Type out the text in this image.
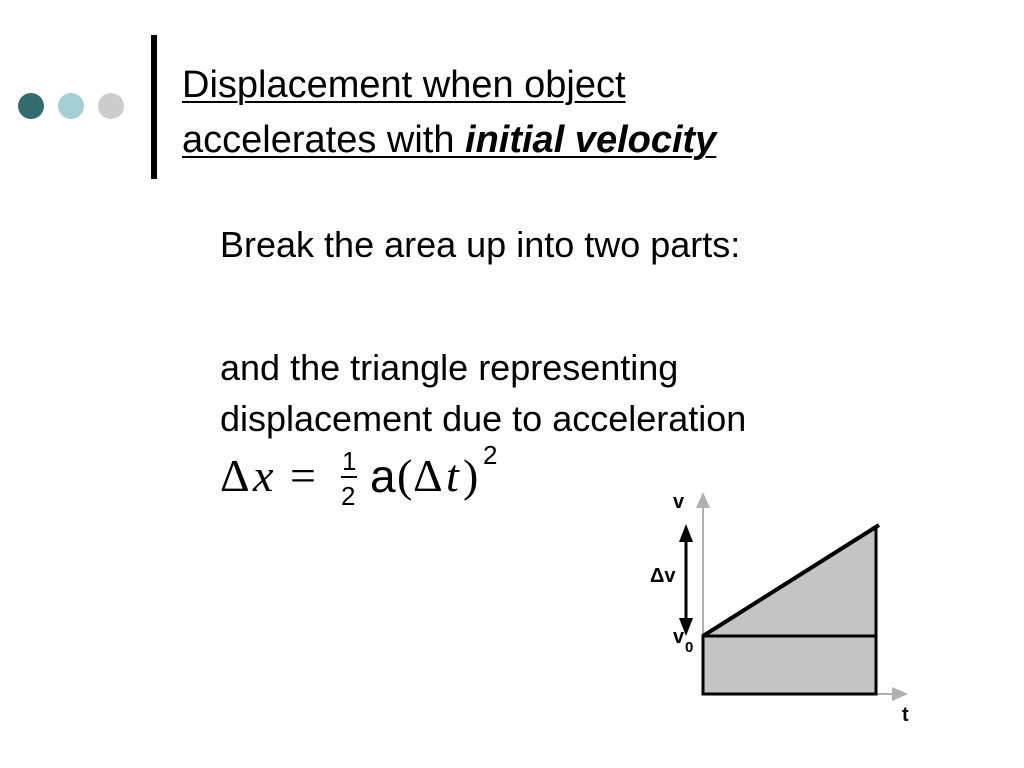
Displacement when object
accelerates with initial velocity
Break the area up into two parts:
and the triangle representing
displacement due to acceleration
Δ x = 1
2 a ( Δ t ) 2
v
t
Δv
v 0
